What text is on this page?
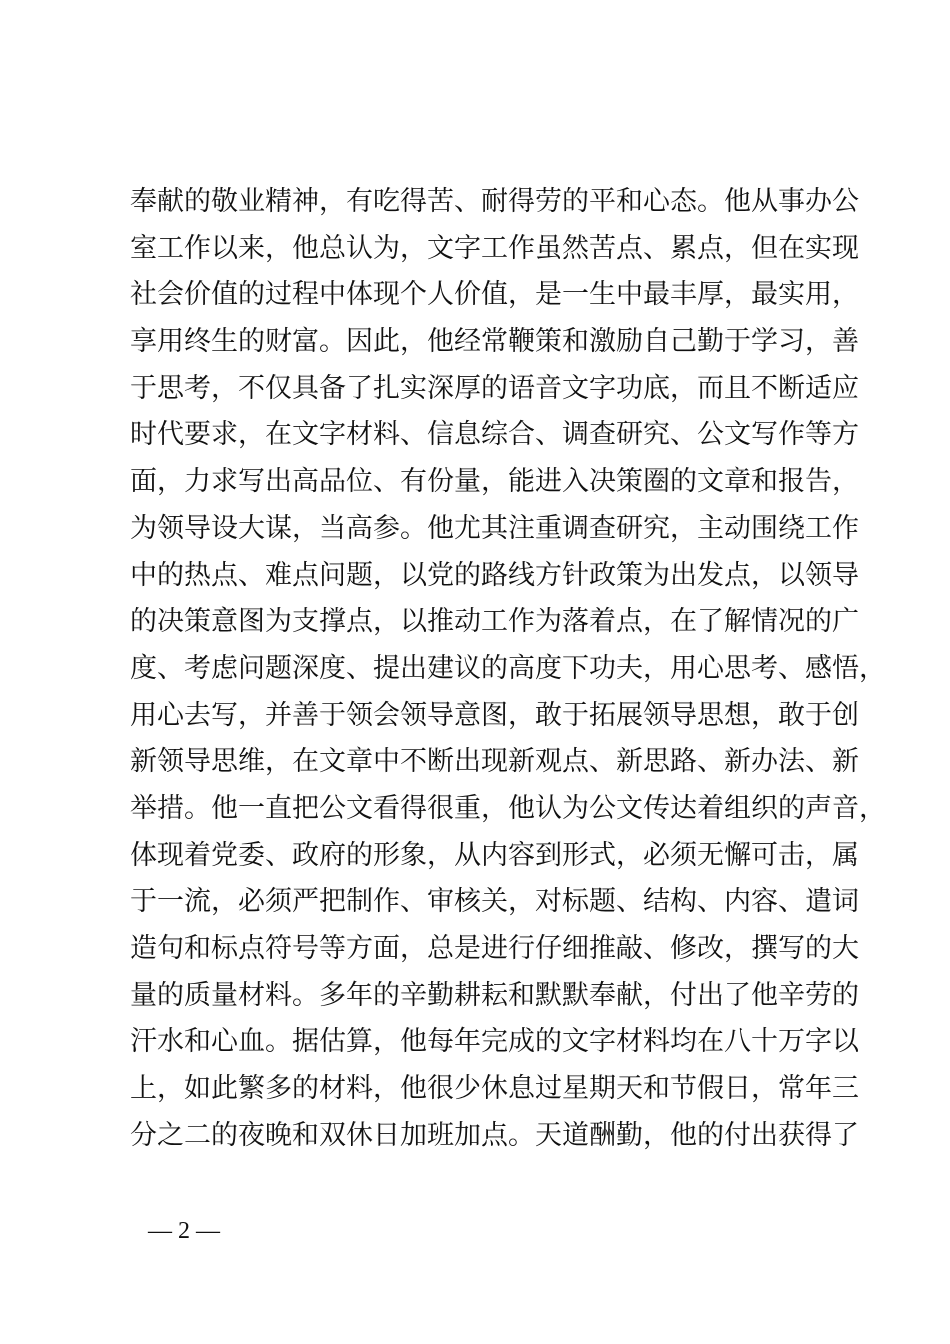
奉献的敬业精神，有吃得苦、耐得劳的平和心态。他从事办公
室工作以来，他总认为，文字工作虽然苦点、累点，但在实现
社会价值的过程中体现个人价值，是一生中最丰厚，最实用，
享用终生的财富。因此，他经常鞭策和激励自己勤于学习，善
于思考，不仅具备了扎实深厚的语音文字功底，而且不断适应
时代要求，在文字材料、信息综合、调查研究、公文写作等方
面，力求写出高品位、有份量，能进入决策圈的文章和报告，
为领导设大谋，当高参。他尤其注重调查研究，主动围绕工作
中的热点、难点问题，以党的路线方针政策为出发点，以领导
的决策意图为支撑点，以推动工作为落着点，在了解情况的广
度、考虑问题深度、提出建议的高度下功夫，用心思考、感悟，
用心去写，并善于领会领导意图，敢于拓展领导思想，敢于创
新领导思维，在文章中不断出现新观点、新思路、新办法、新
举措。他一直把公文看得很重，他认为公文传达着组织的声音，
体现着党委、政府的形象，从内容到形式，必须无懈可击，属
于一流，必须严把制作、审核关，对标题、结构、内容、遣词
造句和标点符号等方面，总是进行仔细推敲、修改，撰写的大
量的质量材料。多年的辛勤耕耘和默默奉献，付出了他辛劳的
汗水和心血。据估算，他每年完成的文字材料均在八十万字以
上，如此繁多的材料，他很少休息过星期天和节假日，常年三
分之二的夜晚和双休日加班加点。天道酬勤，他的付出获得了
— 2 —
